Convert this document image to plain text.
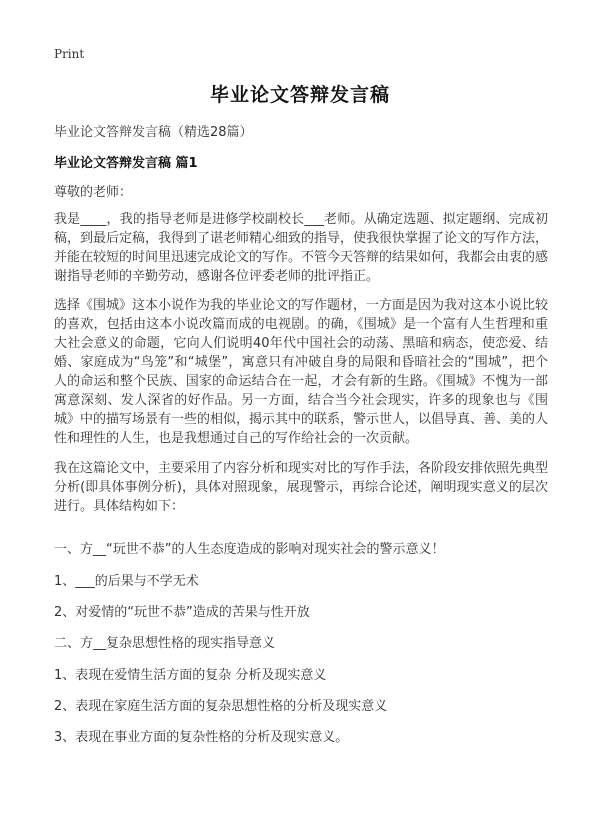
Print
毕业论文答辩发言稿
毕业论文答辩发言稿（精选28篇）
毕业论文答辩发言稿 篇1
尊敬的老师：

我是____，我的指导老师是进修学校副校长___老师。从确定选题、拟定题纲、完成初稿，到最后定稿，我得到了谌老师精心细致的指导，使我很快掌握了论文的写作方法，并能在较短的时间里迅速完成论文的写作。不管今天答辩的结果如何，我都会由衷的感谢指导老师的辛勤劳动，感谢各位评委老师的批评指正。

选择《围城》这本小说作为我的毕业论文的写作题材，一方面是因为我对这本小说比较的喜欢，包括由这本小说改篇而成的电视剧。的确，《围城》是一个富有人生哲理和重大社会意义的命题，它向人们说明40年代中国社会的动荡、黑暗和病态，使恋爱、结婚、家庭成为“鸟笼”和“城堡”，寓意只有冲破自身的局限和昏暗社会的“围城”，把个人的命运和整个民族、国家的命运结合在一起，才会有新的生路。《围城》不愧为一部寓意深刻、发人深省的好作品。另一方面，结合当今社会现实，许多的现象也与《围城》中的描写场景有一些的相似，揭示其中的联系，警示世人，以倡导真、善、美的人性和理性的人生，也是我想通过自己的写作给社会的一次贡献。

我在这篇论文中，主要采用了内容分析和现实对比的写作手法，各阶段安排依照先典型分析(即具体事例分析)，具体对照现象，展现警示，再综合论述，阐明现实意义的层次进行。具体结构如下：

一、方__“玩世不恭”的人生态度造成的影响对现实社会的警示意义！

1、___的后果与不学无术

2、对爱情的“玩世不恭”造成的苦果与性开放

二、方__复杂思想性格的现实指导意义

1、表现在爱情生活方面的复杂 分析及现实意义

2、表现在家庭生活方面的复杂思想性格的分析及现实意义

3、表现在事业方面的复杂性格的分析及现实意义。
